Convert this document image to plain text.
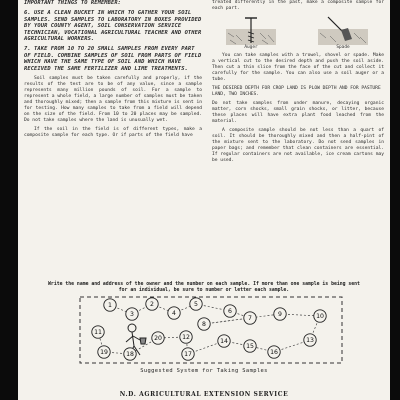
IMPORTANT THINGS TO REMEMBER:
6. USE A CLEAN BUCKET IN WHICH TO GATHER YOUR SOIL SAMPLES. SEND SAMPLES TO LABORATORY IN BOXES PROVIDED BY YOUR COUNTY AGENT, SOIL CONSERVATION SERVICE TECHNICIAN, VOCATIONAL AGRICULTURAL TEACHER AND OTHER AGRICULTURAL WORKERS.
7. TAKE FROM 10 TO 20 SMALL SAMPLES FROM EVERY PART OF FIELD. COMBINE SAMPLES OF SOIL FROM PARTS OF FIELD WHICH HAVE THE SAME TYPE OF SOIL AND WHICH HAVE RECEIVED THE SAME FERTILIZER AND LIME TREATMENTS.

Soil samples must be taken carefully and properly, if the results of the test are to be of any value, since a sample represents many million pounds of soil. For a sample to represent a whole field, a large number of samples must be taken and thoroughly mixed; then a sample from this mixture is sent in for testing. How many samples to take from a field will depend on the size of the field. From 10 to 20 places may be sampled. Do not take samples where the land is unusually wet.

If the soil in the field is of different types, make a composite sample for each type. Or if parts of the field have

treated differently in the past, make a composite sample for each part.

Auger	Spade

You can take samples with a trowel, shovel or spade. Make a vertical cut to the desired depth and push the soil aside. Then cut a thin slice from the face of the cut and collect it carefully for the sample. You can also use a soil auger or a tube.

THE DESIRED DEPTH FOR CROP LAND IS PLOW DEPTH AND FOR PASTURE LAND, TWO INCHES.

Do not take samples from under manure, decaying organic matter, corn shocks, small grain shocks, or litter, because these places will have extra plant food leached from the material.

A composite sample should be not less than a quart of soil. It should be thoroughly mixed and then a half-pint of the mixture sent to the laboratory. Do not send samples in paper bags; and remember that clean containers are essential. If regular containers are not available, ice cream cartons may be used.

Write the name and address of the owner and the number on each sample. If more than one sample is being sent for an individual, be sure to number or letter each sample.
1	2
3	4
5
6
7
8
9	10
11
12	13
14
15
16
17
18
19
20
Suggested System for Taking Samples
N.D. AGRICULTURAL EXTENSION SERVICE
